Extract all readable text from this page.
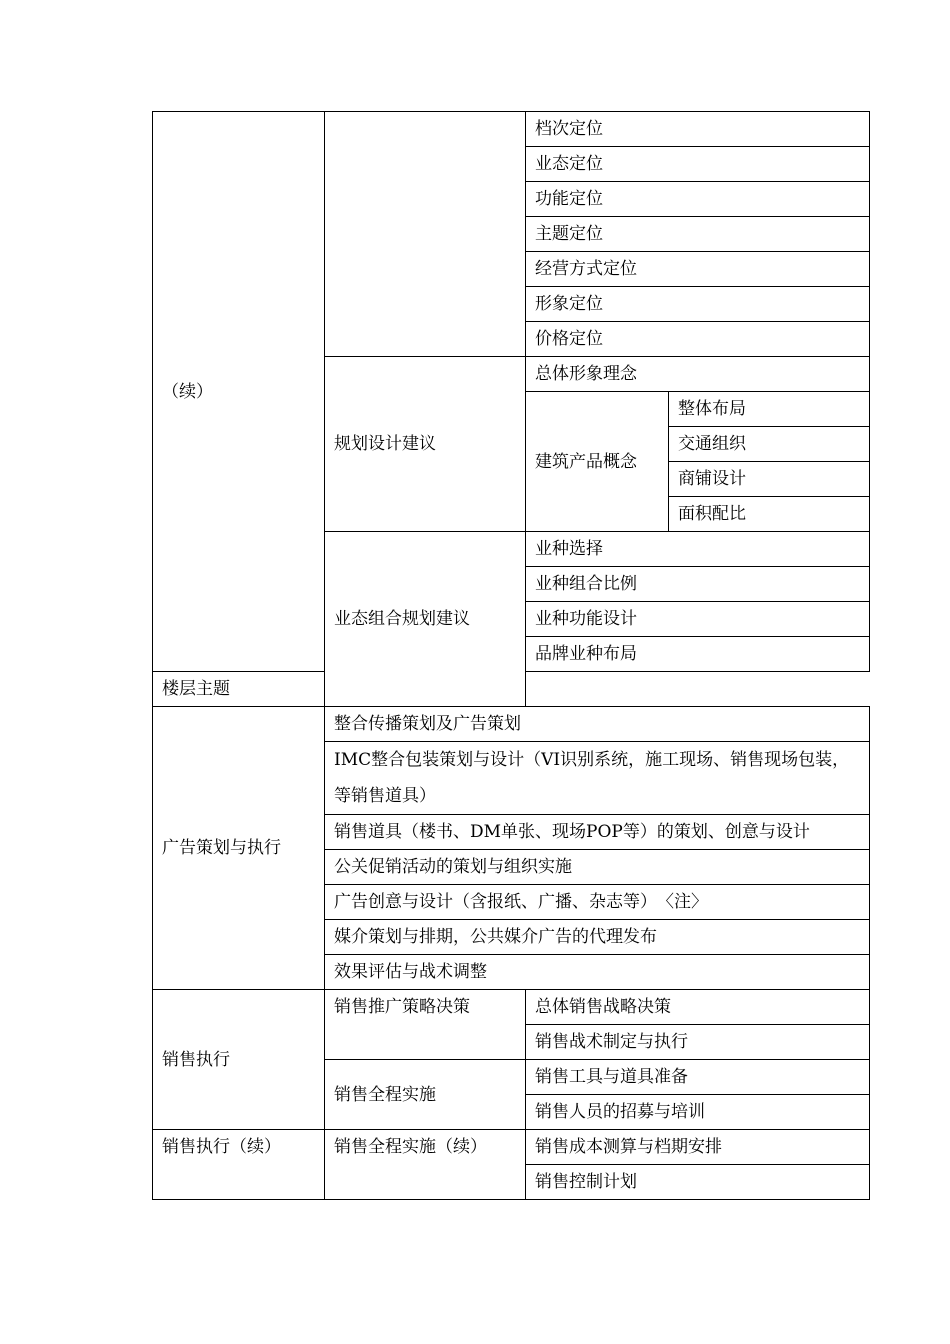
（续）		档次定位	
		业态定位	
		功能定位	
		主题定位	
		经营方式定位	
		形象定位	
		价格定位	
	规划设计建议	总体形象理念	
		建筑产品概念	整体布局
			交通组织
			商铺设计
			面积配比
	业态组合规划建议	业种选择	
		业种组合比例	
		业种功能设计	
		品牌业种布局	
楼层主题			
广告策划与执行	整合传播策划及广告策划		
	IMC整合包装策划与设计（VI识别系统，施工现场、销售现场包装，等销售道具）		
	销售道具（楼书、DM单张、现场POP等）的策划、创意与设计		
	公关促销活动的策划与组织实施		
	广告创意与设计（含报纸、广播、杂志等）　〈注〉		
	媒介策划与排期，公共媒介广告的代理发布		
	效果评估与战术调整		
销售执行	销售推广策略决策	总体销售战略决策	
		销售战术制定与执行	
	销售全程实施	销售工具与道具准备	
		销售人员的招募与培训	
销售执行（续）	销售全程实施（续）	销售成本测算与档期安排	
		销售控制计划	
